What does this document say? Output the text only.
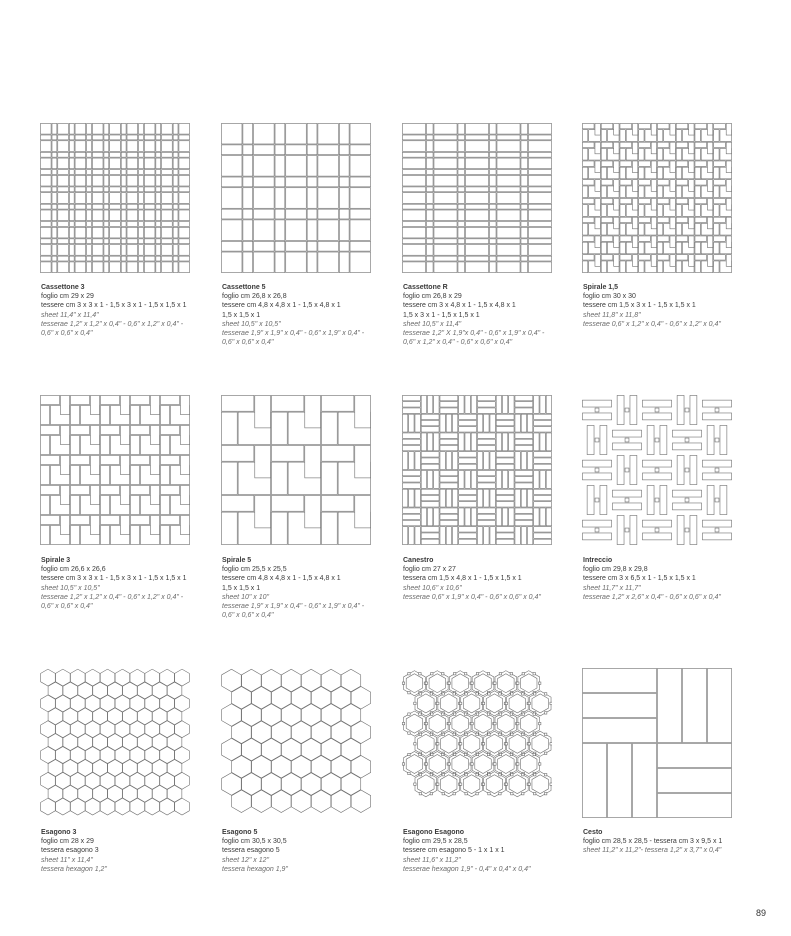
Cassettone 3
foglio cm 29 x 29
tessere cm 3 x 3 x 1 - 1,5 x 3 x 1 - 1,5 x 1,5 x 1
sheet 11,4" x 11,4"
tesserae 1,2" x 1,2" x 0,4" - 0,6" x 1,2" x 0,4" -
0,6" x 0,6" x 0,4"
Cassettone 5
foglio cm 26,8 x 26,8
tessere cm 4,8 x 4,8 x 1 - 1,5 x 4,8 x 1
1,5 x 1,5 x 1
sheet 10,5" x 10,5"
tesserae 1,9" x 1,9" x 0,4" - 0,6" x 1,9" x 0,4" -
0,6" x 0,6" x 0,4"
Cassettone R
foglio cm 26,8 x 29
tessere cm 3 x 4,8 x 1 - 1,5 x 4,8 x 1
1,5 x 3 x 1 - 1,5 x 1,5 x 1
sheet 10,5" x 11,4"
tesserae 1,2" X 1,9"x 0,4" - 0,6" x 1,9" x 0,4" -
0,6" x 1,2" x 0,4" - 0,6" x 0,6" x 0,4"
Spirale 1,5
foglio cm 30 x 30
tessere cm 1,5 x 3 x 1 - 1,5 x 1,5 x 1
sheet 11,8" x 11,8"
tesserae 0,6" x 1,2" x 0,4" - 0,6" x 1,2" x 0,4"
Spirale 3
foglio cm 26,6 x 26,6
tessere cm 3 x 3 x 1 - 1,5 x 3 x 1 - 1,5 x 1,5 x 1
sheet 10,5" x 10,5"
tesserae 1,2" x 1,2" x 0,4" - 0,6" x 1,2" x 0,4" -
0,6" x 0,6" x 0,4"
Spirale 5
foglio cm 25,5 x 25,5
tessere cm 4,8 x 4,8 x 1 - 1,5 x 4,8 x 1
1,5 x 1,5 x 1
sheet 10" x 10"
tesserae 1,9" x 1,9" x 0,4" - 0,6" x 1,9" x 0,4" -
0,6" x 0,6" x 0,4"
Canestro
foglio cm 27 x 27
tessera cm 1,5 x 4,8 x 1 - 1,5 x 1,5 x 1
sheet 10,6" x 10,6"
tesserae 0,6" x 1,9" x 0,4" - 0,6" x 0,6" x 0,4"
Intreccio
foglio cm 29,8 x 29,8
tessere cm 3 x 6,5 x 1 - 1,5 x 1,5 x 1
sheet 11,7" x 11,7"
tesserae 1,2" x 2,6" x 0,4" - 0,6" x 0,6" x 0,4"
Esagono 3
foglio cm 28 x 29
tessera esagono 3
sheet 11" x 11,4"
tessera hexagon 1,2"
Esagono 5
foglio cm 30,5 x 30,5
tessera esagono 5
sheet 12" x 12"
tessera hexagon 1,9"
Esagono Esagono
foglio cm 29,5 x 28,5
tessere cm esagono 5 - 1 x 1 x 1
sheet 11,6" x 11,2"
tesserae hexagon 1,9" - 0,4" x 0,4" x 0,4"
Cesto
foglio cm 28,5 x 28,5 - tessera cm 3 x 9,5 x 1
sheet 11,2" x 11,2"- tessera 1,2" x 3,7" x 0,4"
89
